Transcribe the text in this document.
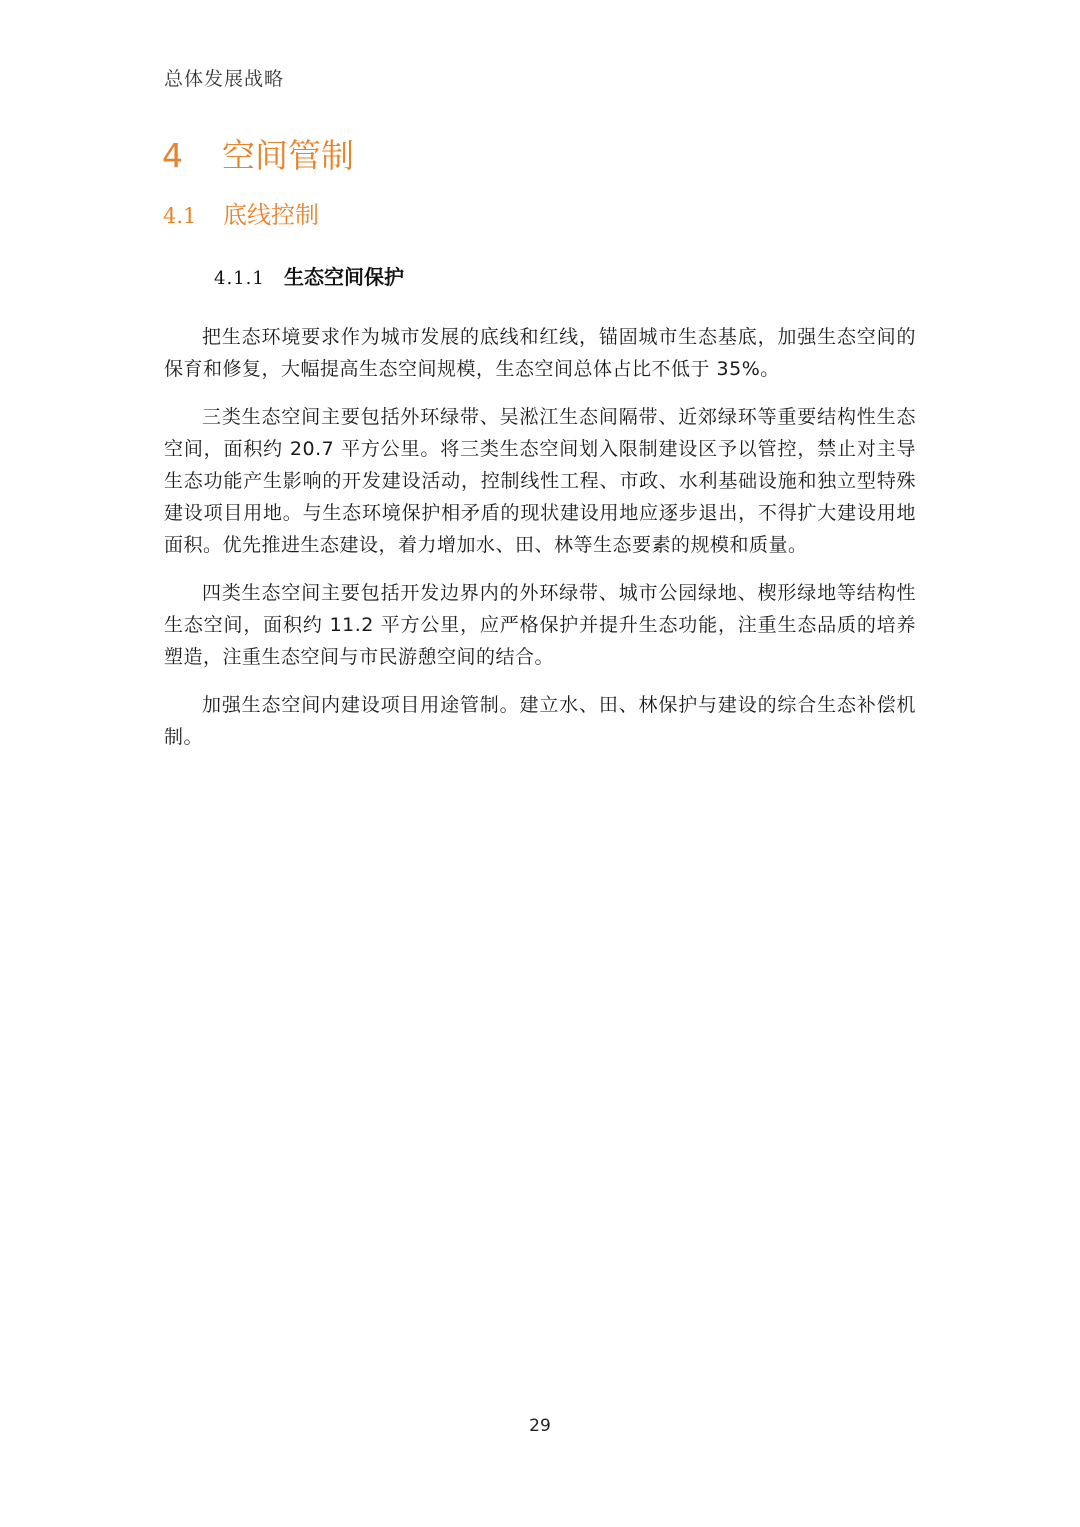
总体发展战略
4	空间管制
4.1	底线控制
4.1.1 生态空间保护

把生态环境要求作为城市发展的底线和红线，锚固城市生态基底，加强生态空间的保育和修复，大幅提高生态空间规模，生态空间总体占比不低于 35%。

三类生态空间主要包括外环绿带、吴淞江生态间隔带、近郊绿环等重要结构性生态空间，面积约 20.7 平方公里。将三类生态空间划入限制建设区予以管控，禁止对主导生态功能产生影响的开发建设活动，控制线性工程、市政、水利基础设施和独立型特殊建设项目用地。与生态环境保护相矛盾的现状建设用地应逐步退出，不得扩大建设用地面积。优先推进生态建设，着力增加水、田、林等生态要素的规模和质量。

四类生态空间主要包括开发边界内的外环绿带、城市公园绿地、楔形绿地等结构性生态空间，面积约 11.2 平方公里，应严格保护并提升生态功能，注重生态品质的培养塑造，注重生态空间与市民游憩空间的结合。

加强生态空间内建设项目用途管制。建立水、田、林保护与建设的综合生态补偿机制。

29
